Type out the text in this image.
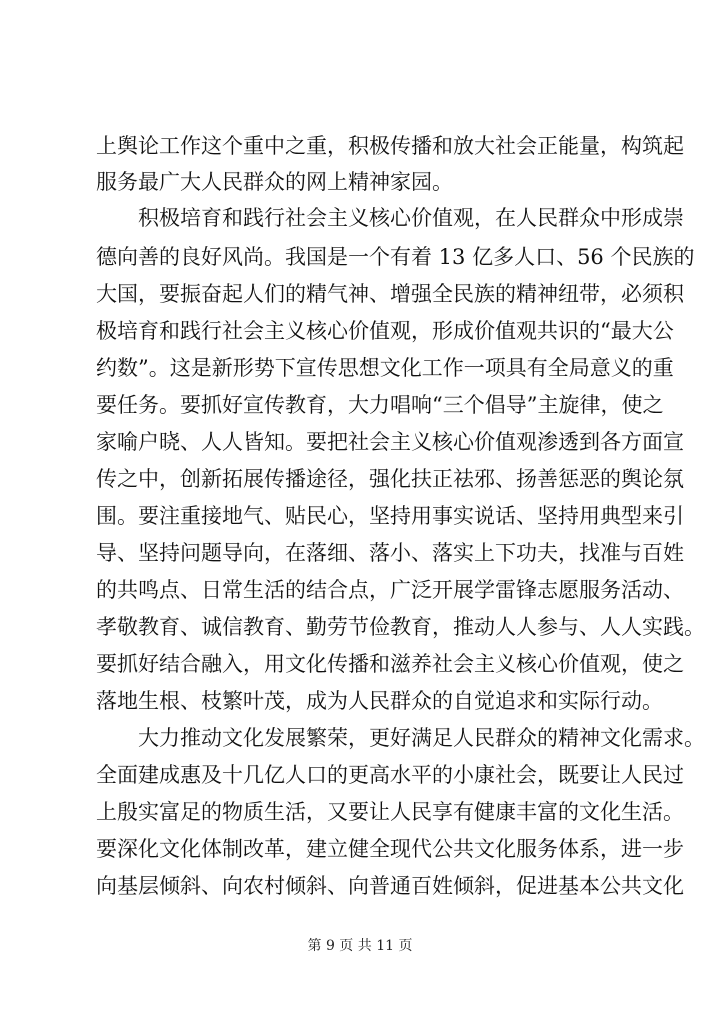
上舆论工作这个重中之重，积极传播和放大社会正能量，构筑起
服务最广大人民群众的网上精神家园。
积极培育和践行社会主义核心价值观，在人民群众中形成崇
德向善的良好风尚。我国是一个有着 13 亿多人口、56 个民族的
大国，要振奋起人们的精气神、增强全民族的精神纽带，必须积
极培育和践行社会主义核心价值观，形成价值观共识的“最大公
约数”。这是新形势下宣传思想文化工作一项具有全局意义的重
要任务。要抓好宣传教育，大力唱响“三个倡导”主旋律，使之
家喻户晓、人人皆知。要把社会主义核心价值观渗透到各方面宣
传之中，创新拓展传播途径，强化扶正祛邪、扬善惩恶的舆论氛
围。要注重接地气、贴民心，坚持用事实说话、坚持用典型来引
导、坚持问题导向，在落细、落小、落实上下功夫，找准与百姓
的共鸣点、日常生活的结合点，广泛开展学雷锋志愿服务活动、
孝敬教育、诚信教育、勤劳节俭教育，推动人人参与、人人实践。
要抓好结合融入，用文化传播和滋养社会主义核心价值观，使之
落地生根、枝繁叶茂，成为人民群众的自觉追求和实际行动。
大力推动文化发展繁荣，更好满足人民群众的精神文化需求。
全面建成惠及十几亿人口的更高水平的小康社会，既要让人民过
上殷实富足的物质生活，又要让人民享有健康丰富的文化生活。
要深化文化体制改革，建立健全现代公共文化服务体系，进一步
向基层倾斜、向农村倾斜、向普通百姓倾斜，促进基本公共文化
第 9 页 共 11 页
